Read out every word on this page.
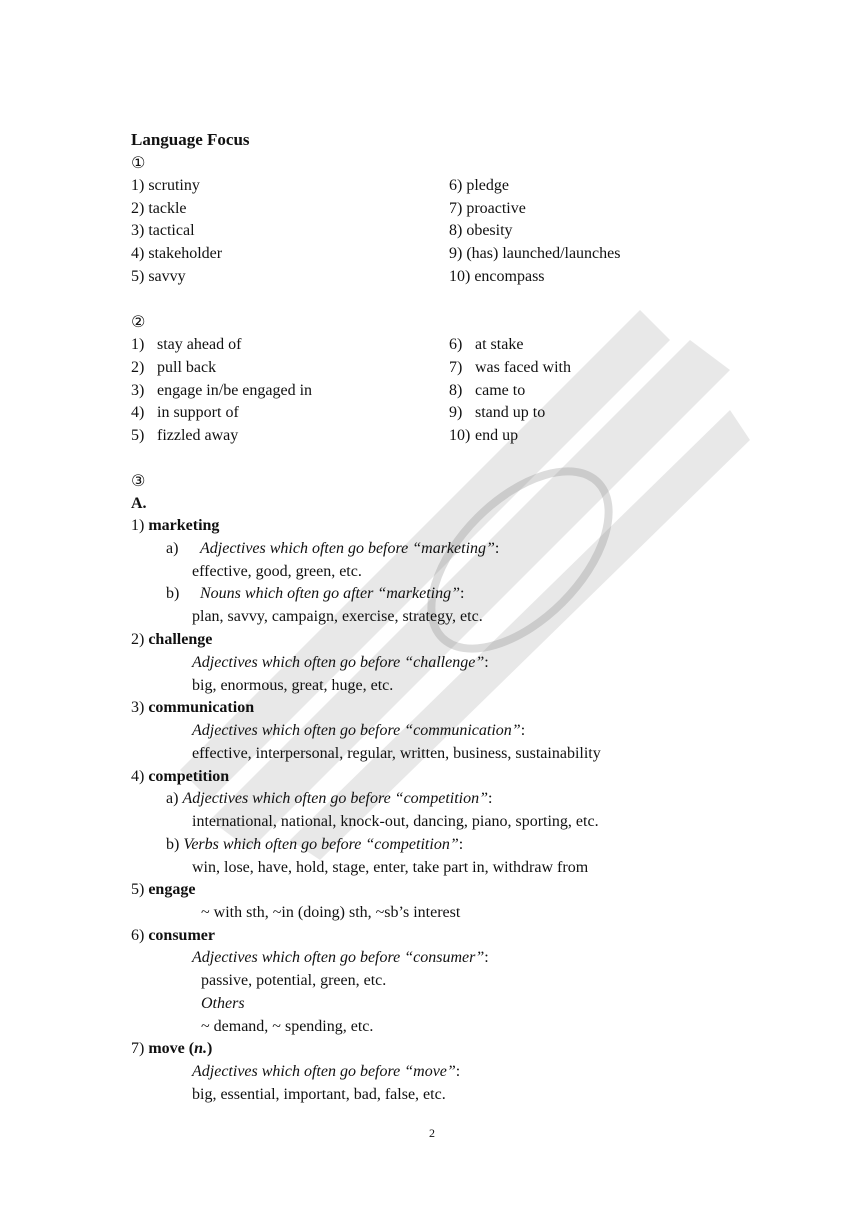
Language Focus
①
1) scrutiny
2) tackle
3) tactical
4) stakeholder
5) savvy
6) pledge
7) proactive
8) obesity
9) (has) launched/launches
10) encompass
②
1) stay ahead of
2) pull back
3) engage in/be engaged in
4) in support of
5) fizzled away
6) at stake
7) was faced with
8) came to
9) stand up to
10) end up
③
A.
1) marketing
a) Adjectives which often go before “marketing”:
effective, good, green, etc.
b) Nouns which often go after “marketing”:
plan, savvy, campaign, exercise, strategy, etc.
2) challenge
Adjectives which often go before “challenge”:
big, enormous, great, huge, etc.
3) communication
Adjectives which often go before “communication”:
effective, interpersonal, regular, written, business, sustainability
4) competition
a) Adjectives which often go before “competition”:
international, national, knock-out, dancing, piano, sporting, etc.
b) Verbs which often go before “competition”:
win, lose, have, hold, stage, enter, take part in, withdraw from
5) engage
~ with sth, ~in (doing) sth, ~sb’s interest
6) consumer
Adjectives which often go before “consumer”:
passive, potential, green, etc.
Others
~ demand, ~ spending, etc.
7) move (n.)
Adjectives which often go before “move”:
big, essential, important, bad, false, etc.
2
